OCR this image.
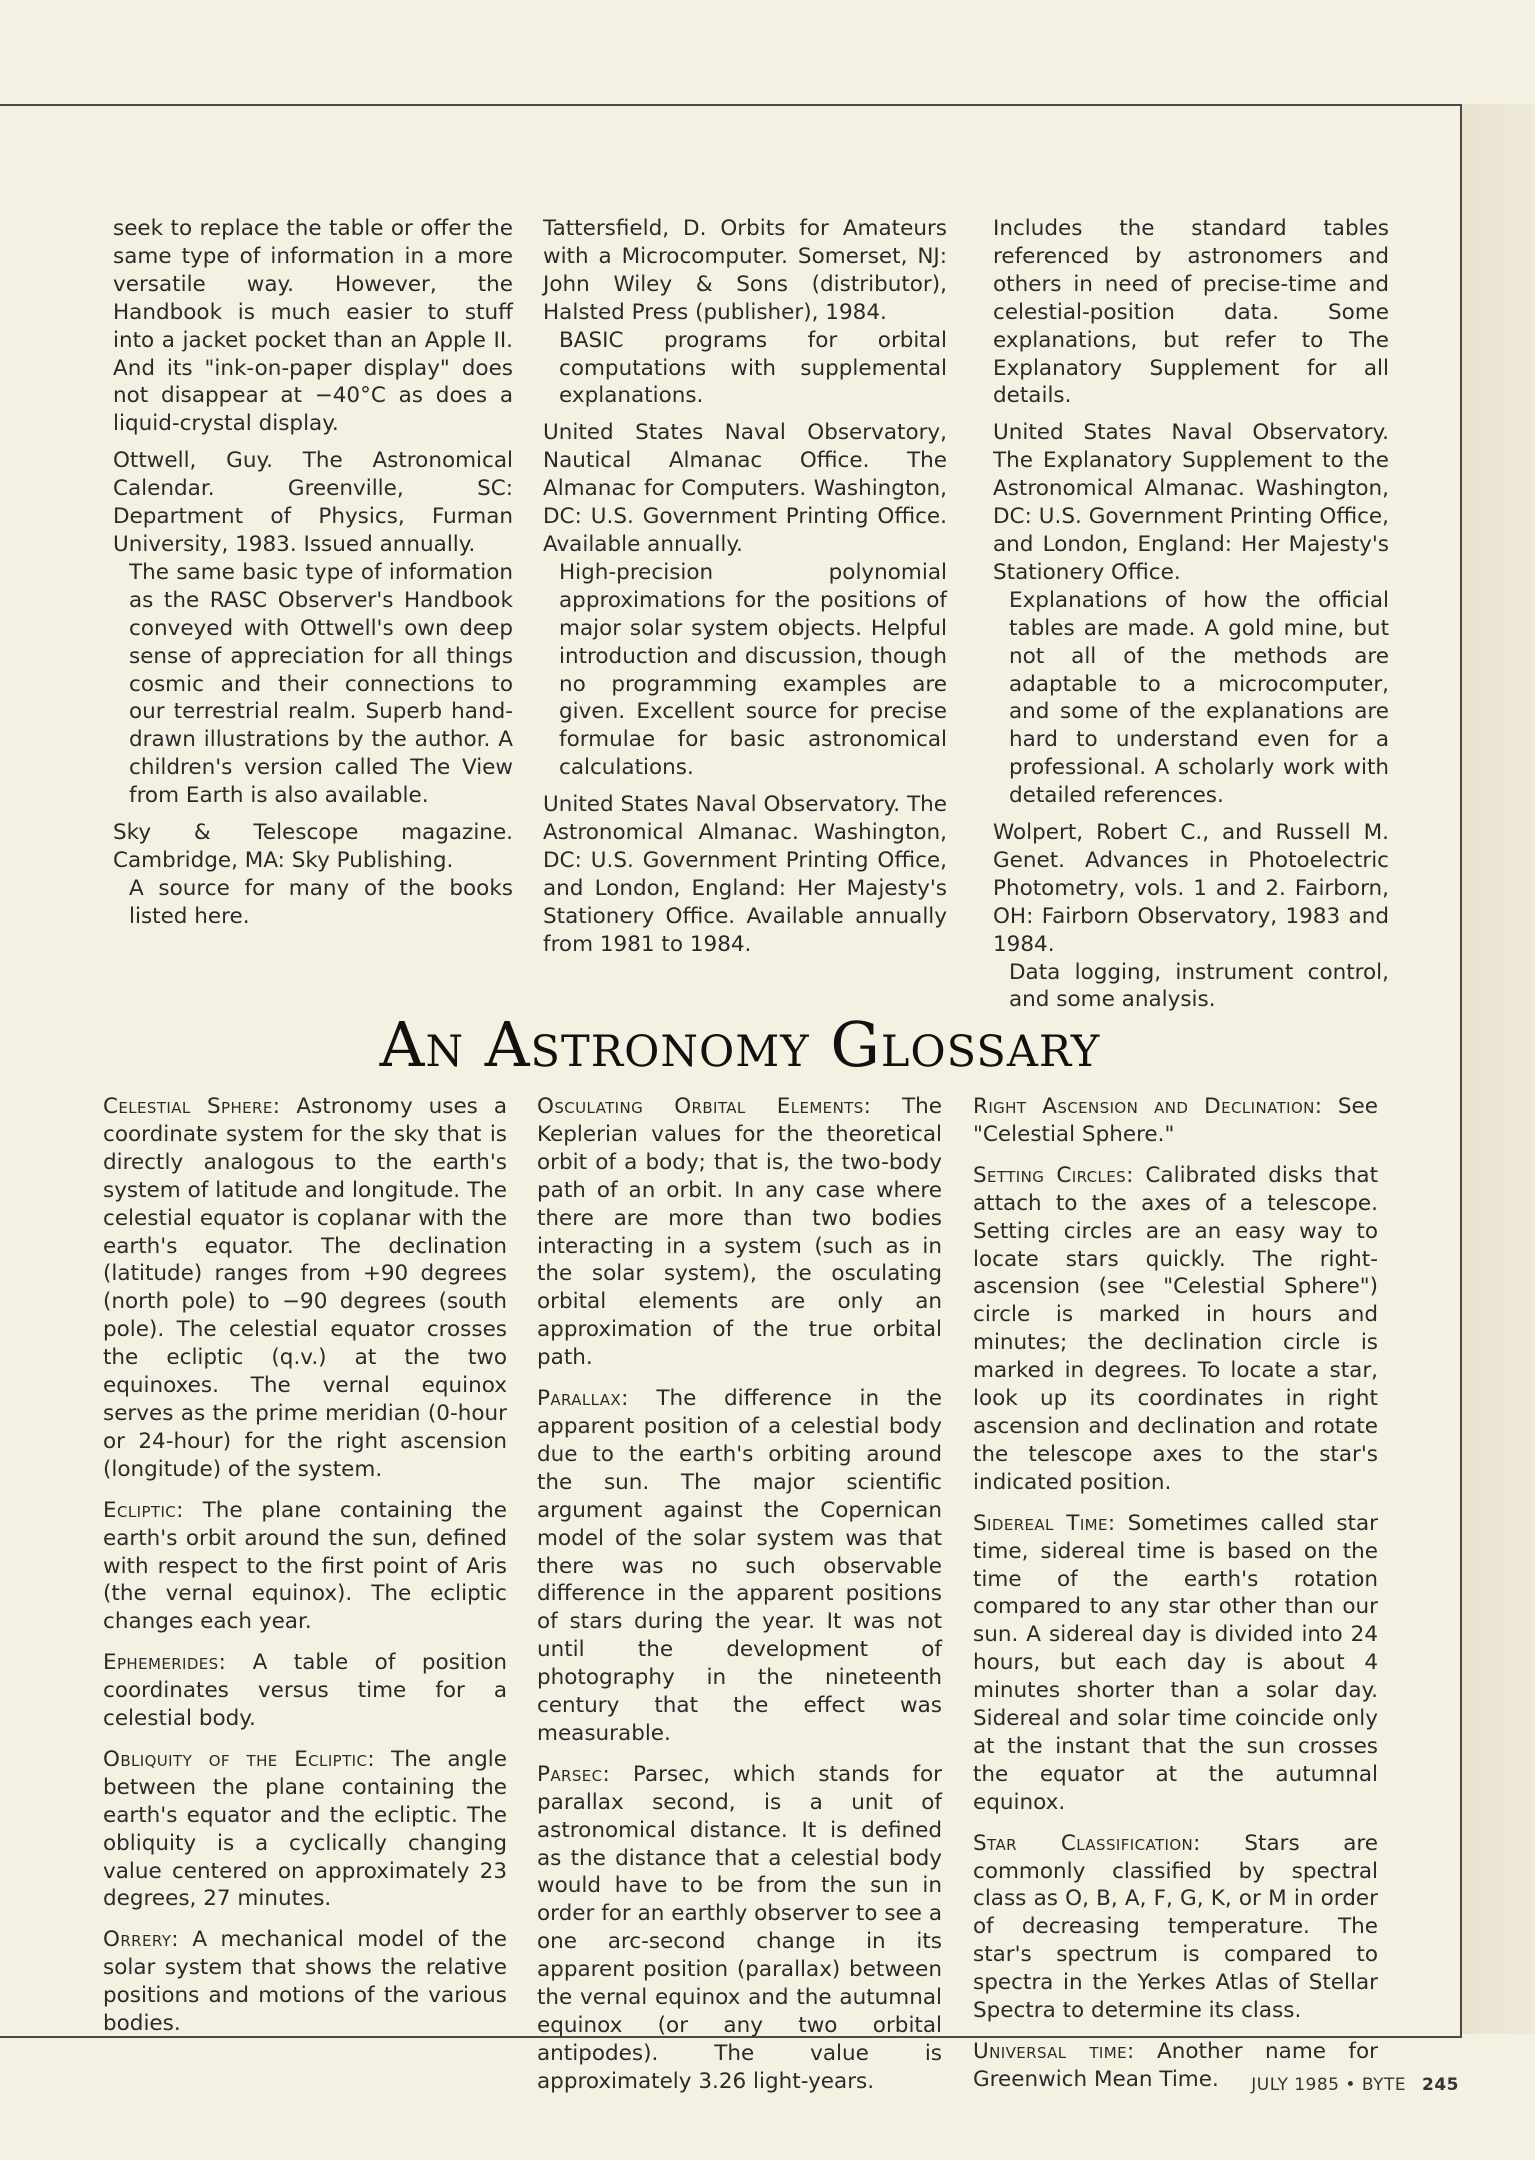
seek to replace the table or offer the same type of information in a more versatile way. However, the Handbook is much easier to stuff into a jacket pocket than an Apple II. And its "ink-on-paper display" does not disappear at −40°C as does a liquid-crystal display.

Ottwell, Guy. The Astronomical Calendar. Greenville, SC: Department of Physics, Furman University, 1983. Issued annually.
The same basic type of information as the RASC Observer's Handbook conveyed with Ottwell's own deep sense of appreciation for all things cosmic and their connections to our terrestrial realm. Superb hand-drawn illustrations by the author. A children's version called The View from Earth is also available.

Sky & Telescope magazine. Cambridge, MA: Sky Publishing.
A source for many of the books listed here.

Tattersfield, D. Orbits for Amateurs with a Microcomputer. Somerset, NJ: John Wiley & Sons (distributor), Halsted Press (publisher), 1984.
BASIC programs for orbital computations with supplemental explanations.

United States Naval Observatory, Nautical Almanac Office. The Almanac for Computers. Washington, DC: U.S. Government Printing Office. Available annually.
High-precision polynomial approximations for the positions of major solar system objects. Helpful introduction and discussion, though no programming examples are given. Excellent source for precise formulae for basic astronomical calculations.

United States Naval Observatory. The Astronomical Almanac. Washington, DC: U.S. Government Printing Office, and London, England: Her Majesty's Stationery Office. Available annually from 1981 to 1984.

Includes the standard tables referenced by astronomers and others in need of precise-time and celestial-position data. Some explanations, but refer to The Explanatory Supplement for all details.

United States Naval Observatory. The Explanatory Supplement to the Astronomical Almanac. Washington, DC: U.S. Government Printing Office, and London, England: Her Majesty's Stationery Office.
Explanations of how the official tables are made. A gold mine, but not all of the methods are adaptable to a microcomputer, and some of the explanations are hard to understand even for a professional. A scholarly work with detailed references.

Wolpert, Robert C., and Russell M. Genet. Advances in Photoelectric Photometry, vols. 1 and 2. Fairborn, OH: Fairborn Observatory, 1983 and 1984.
Data logging, instrument control, and some analysis.

An Astronomy Glossary

Celestial Sphere: Astronomy uses a coordinate system for the sky that is directly analogous to the earth's system of latitude and longitude. The celestial equator is coplanar with the earth's equator. The declination (latitude) ranges from +90 degrees (north pole) to −90 degrees (south pole). The celestial equator crosses the ecliptic (q.v.) at the two equinoxes. The vernal equinox serves as the prime meridian (0-hour or 24-hour) for the right ascension (longitude) of the system.

Ecliptic: The plane containing the earth's orbit around the sun, defined with respect to the first point of Aris (the vernal equinox). The ecliptic changes each year.

Ephemerides: A table of position coordinates versus time for a celestial body.

Obliquity of the Ecliptic: The angle between the plane containing the earth's equator and the ecliptic. The obliquity is a cyclically changing value centered on approximately 23 degrees, 27 minutes.

Orrery: A mechanical model of the solar system that shows the relative positions and motions of the various bodies.

Osculating Orbital Elements: The Keplerian values for the theoretical orbit of a body; that is, the two-body path of an orbit. In any case where there are more than two bodies interacting in a system (such as in the solar system), the osculating orbital elements are only an approximation of the true orbital path.

Parallax: The difference in the apparent position of a celestial body due to the earth's orbiting around the sun. The major scientific argument against the Copernican model of the solar system was that there was no such observable difference in the apparent positions of stars during the year. It was not until the development of photography in the nineteenth century that the effect was measurable.

Parsec: Parsec, which stands for parallax second, is a unit of astronomical distance. It is defined as the distance that a celestial body would have to be from the sun in order for an earthly observer to see a one arc-second change in its apparent position (parallax) between the vernal equinox and the autumnal equinox (or any two orbital antipodes). The value is approximately 3.26 light-years.

Right Ascension and Declination: See "Celestial Sphere."

Setting Circles: Calibrated disks that attach to the axes of a telescope. Setting circles are an easy way to locate stars quickly. The right-ascension (see "Celestial Sphere") circle is marked in hours and minutes; the declination circle is marked in degrees. To locate a star, look up its coordinates in right ascension and declination and rotate the telescope axes to the star's indicated position.

Sidereal Time: Sometimes called star time, sidereal time is based on the time of the earth's rotation compared to any star other than our sun. A sidereal day is divided into 24 hours, but each day is about 4 minutes shorter than a solar day. Sidereal and solar time coincide only at the instant that the sun crosses the equator at the autumnal equinox.

Star Classification: Stars are commonly classified by spectral class as O, B, A, F, G, K, or M in order of decreasing temperature. The star's spectrum is compared to spectra in the Yerkes Atlas of Stellar Spectra to determine its class.

Universal time: Another name for Greenwich Mean Time.	JULY 1985 • BYTE 245
